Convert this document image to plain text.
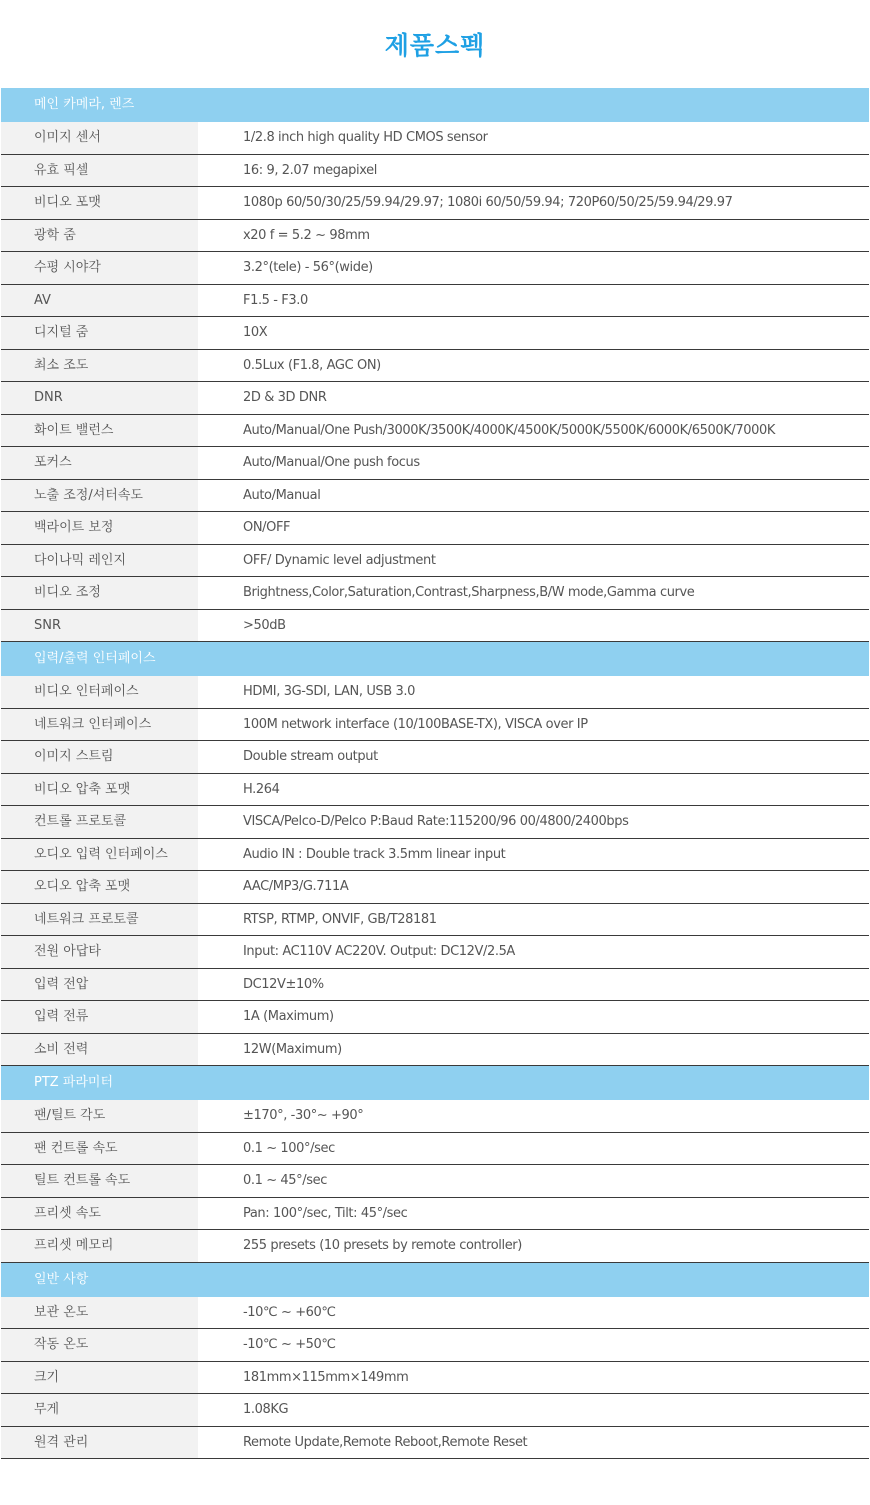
제품스펙
메인 카메라, 렌즈
이미지 센서	1/2.8 inch high quality HD CMOS sensor
유효 픽셀	16: 9, 2.07 megapixel
비디오 포맷	1080p 60/50/30/25/59.94/29.97; 1080i 60/50/59.94; 720P60/50/25/59.94/29.97
광학 줌	x20 f = 5.2 ~ 98mm
수평 시야각	3.2°(tele) - 56°(wide)
AV	F1.5 - F3.0
디지털 줌	10X
최소 조도	0.5Lux (F1.8, AGC ON)
DNR	2D & 3D DNR
화이트 밸런스	Auto/Manual/One Push/3000K/3500K/4000K/4500K/5000K/5500K/6000K/6500K/7000K
포커스	Auto/Manual/One push focus
노출 조정/셔터속도	Auto/Manual
백라이트 보정	ON/OFF
다이나믹 레인지	OFF/ Dynamic level adjustment
비디오 조정	Brightness,Color,Saturation,Contrast,Sharpness,B/W mode,Gamma curve
SNR	>50dB
입력/출력 인터페이스
비디오 인터페이스	HDMI, 3G-SDI, LAN, USB 3.0
네트워크 인터페이스	100M network interface (10/100BASE-TX), VISCA over IP
이미지 스트림	Double stream output
비디오 압축 포맷	H.264
컨트롤 프로토콜	VISCA/Pelco-D/Pelco P:Baud Rate:115200/96 00/4800/2400bps
오디오 입력 인터페이스	Audio IN : Double track 3.5mm linear input
오디오 압축 포맷	AAC/MP3/G.711A
네트워크 프로토콜	RTSP, RTMP, ONVIF, GB/T28181
전원 아답타	Input: AC110V AC220V. Output: DC12V/2.5A
입력 전압	DC12V±10%
입력 전류	1A (Maximum)
소비 전력	12W(Maximum)
PTZ 파라미터
팬/틸트 각도	±170°, -30°~ +90°
팬 컨트롤 속도	0.1 ~ 100°/sec
틸트 컨트롤 속도	0.1 ~ 45°/sec
프리셋 속도	Pan: 100°/sec, Tilt: 45°/sec
프리셋 메모리	255 presets (10 presets by remote controller)
일반 사항
보관 온도	-10℃ ~ +60℃
작동 온도	-10℃ ~ +50℃
크기	181mm×115mm×149mm
무게	1.08KG
원격 관리	Remote Update,Remote Reboot,Remote Reset
